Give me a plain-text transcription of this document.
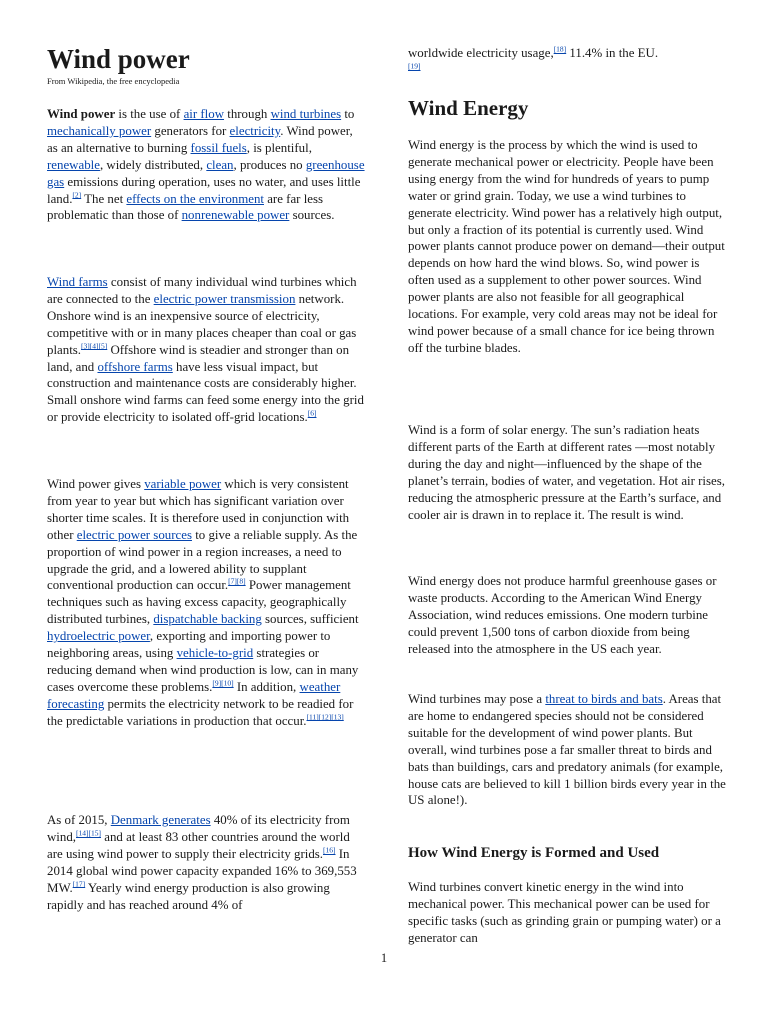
Wind power

From Wikipedia, the free encyclopedia

Wind power is the use of air flow through wind turbines to mechanically power generators for electricity. Wind power, as an alternative to burning fossil fuels, is plentiful, renewable, widely distributed, clean, produces no greenhouse gas emissions during operation, uses no water, and uses little land.[2] The net effects on the environment are far less problematic than those of nonrenewable power sources.

Wind farms consist of many individual wind turbines which are connected to the electric power transmission network. Onshore wind is an inexpensive source of electricity, competitive with or in many places cheaper than coal or gas plants.[3][4][5] Offshore wind is steadier and stronger than on land, and offshore farms have less visual impact, but construction and maintenance costs are considerably higher. Small onshore wind farms can feed some energy into the grid or provide electricity to isolated off-grid locations.[6]

Wind power gives variable power which is very consistent from year to year but which has significant variation over shorter time scales. It is therefore used in conjunction with other electric power sources to give a reliable supply. As the proportion of wind power in a region increases, a need to upgrade the grid, and a lowered ability to supplant conventional production can occur.[7][8] Power management techniques such as having excess capacity, geographically distributed turbines, dispatchable backing sources, sufficient hydroelectric power, exporting and importing power to neighboring areas, using vehicle-to-grid strategies or reducing demand when wind production is low, can in many cases overcome these problems.[9][10] In addition, weather forecasting permits the electricity network to be readied for the predictable variations in production that occur.[11][12][13]

As of 2015, Denmark generates 40% of its electricity from wind,[14][15] and at least 83 other countries around the world are using wind power to supply their electricity grids.[16] In 2014 global wind power capacity expanded 16% to 369,553 MW.[17] Yearly wind energy production is also growing rapidly and has reached around 4% of

worldwide electricity usage,[18] 11.4% in the EU.
[19]

Wind Energy

Wind energy is the process by which the wind is used to generate mechanical power or electricity. People have been using energy from the wind for hundreds of years to pump water or grind grain. Today, we use a wind turbines to generate electricity. Wind power has a relatively high output, but only a fraction of its potential is currently used. Wind power plants cannot produce power on demand—their output depends on how hard the wind blows. So, wind power is often used as a supplement to other power sources. Wind power plants are also not feasible for all geographical locations. For example, very cold areas may not be ideal for wind power because of a small chance for ice being thrown off the turbine blades.

Wind is a form of solar energy. The sun’s radiation heats different parts of the Earth at different rates —most notably during the day and night—influenced by the shape of the planet’s terrain, bodies of water, and vegetation. Hot air rises, reducing the atmospheric pressure at the Earth’s surface, and cooler air is drawn in to replace it. The result is wind.

Wind energy does not produce harmful greenhouse gases or waste products. According to the American Wind Energy Association, wind reduces emissions. One modern turbine could prevent 1,500 tons of carbon dioxide from being released into the atmosphere in the US each year.

Wind turbines may pose a threat to birds and bats. Areas that are home to endangered species should not be considered suitable for the development of wind power plants. But overall, wind turbines pose a far smaller threat to birds and bats than buildings, cars and predatory animals (for example, house cats are believed to kill 1 billion birds every year in the US alone!).

How Wind Energy is Formed and Used

Wind turbines convert kinetic energy in the wind into mechanical power. This mechanical power can be used for specific tasks (such as grinding grain or pumping water) or a generator can

1
